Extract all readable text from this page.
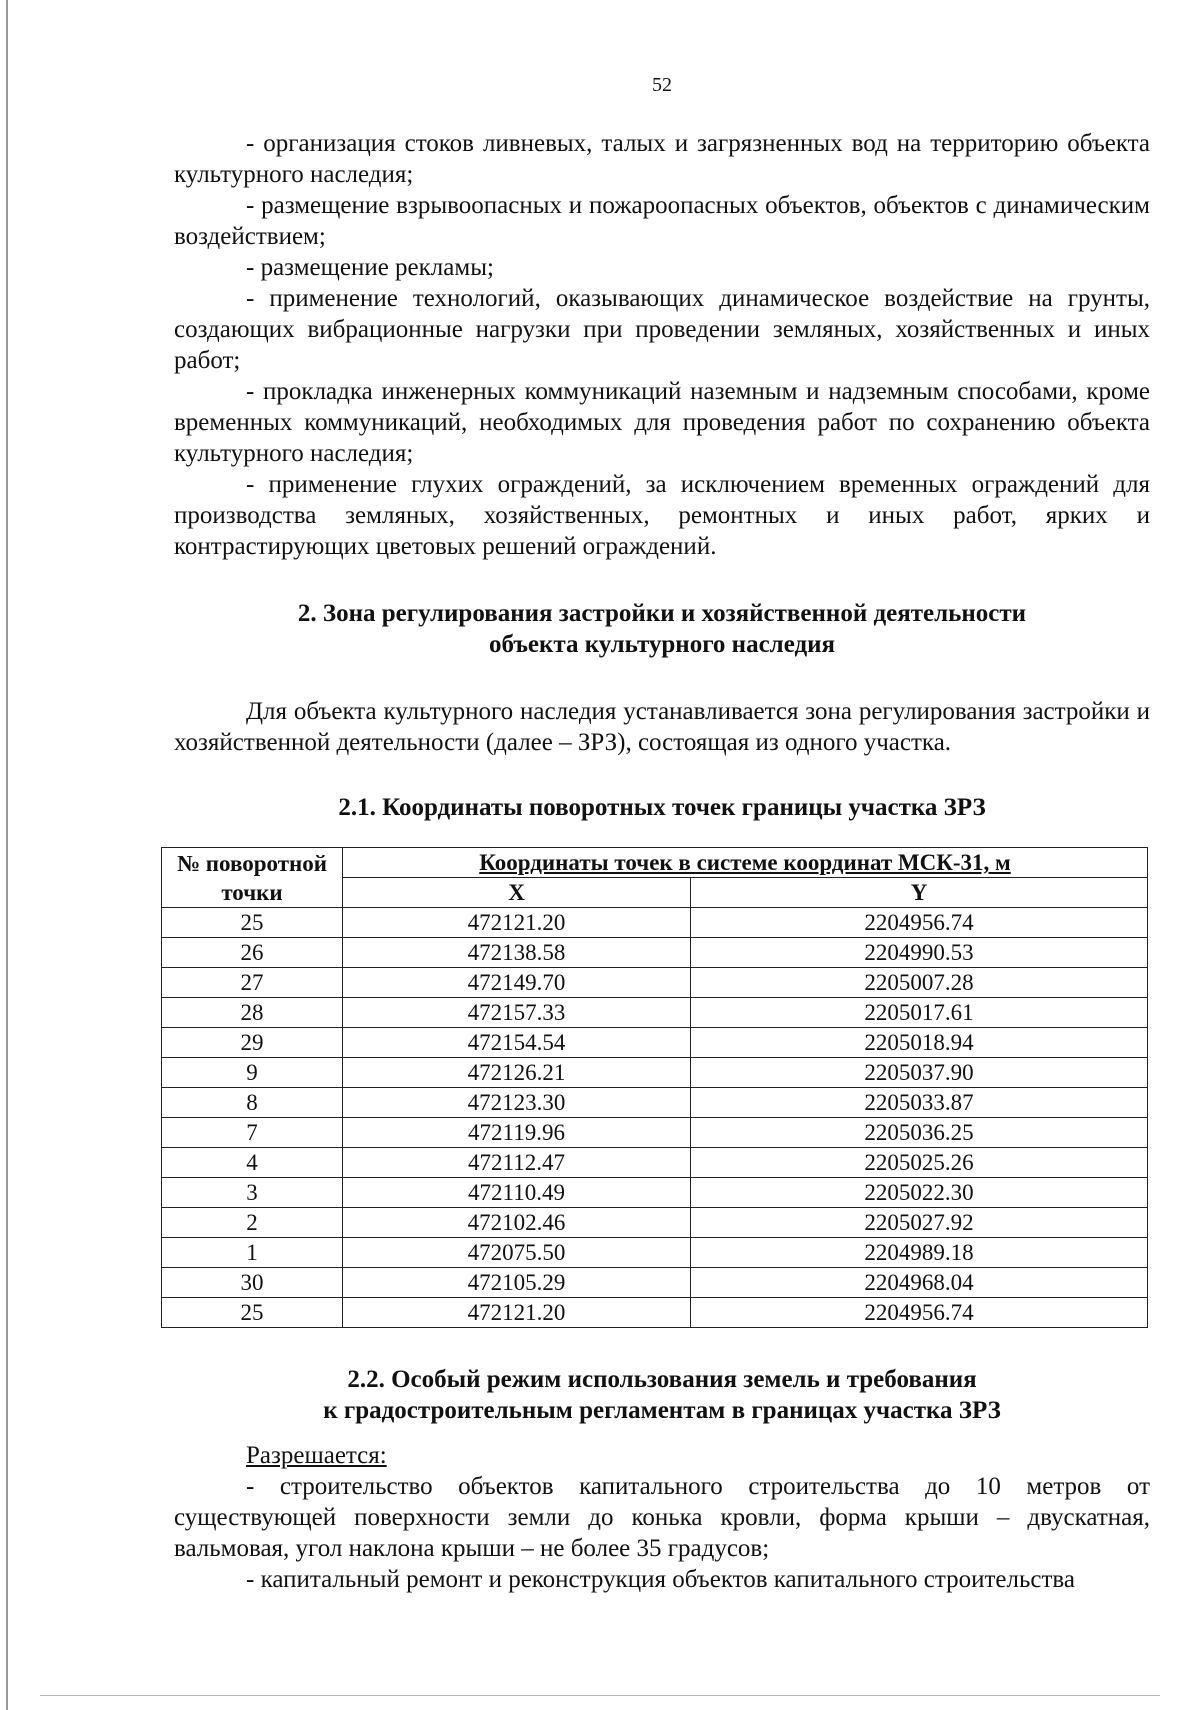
52

- организация стоков ливневых, талых и загрязненных вод на территорию объекта культурного наследия;

- размещение взрывоопасных и пожароопасных объектов, объектов с динамическим воздействием;

- размещение рекламы;

- применение технологий, оказывающих динамическое воздействие на грунты, создающих вибрационные нагрузки при проведении земляных, хозяйственных и иных работ;

- прокладка инженерных коммуникаций наземным и надземным способами, кроме временных коммуникаций, необходимых для проведения работ по сохранению объекта культурного наследия;

- применение глухих ограждений, за исключением временных ограждений для производства земляных, хозяйственных, ремонтных и иных работ, ярких и контрастирующих цветовых решений ограждений.

2. Зона регулирования застройки и хозяйственной деятельности
объекта культурного наследия

Для объекта культурного наследия устанавливается зона регулирования застройки и хозяйственной деятельности (далее – ЗРЗ), состоящая из одного участка.

2.1. Координаты поворотных точек границы участка ЗРЗ
№ поворотной точки	Координаты точек в системе координат МСК-31, м	
	X	Y
25	472121.20	2204956.74
26	472138.58	2204990.53
27	472149.70	2205007.28
28	472157.33	2205017.61
29	472154.54	2205018.94
9	472126.21	2205037.90
8	472123.30	2205033.87
7	472119.96	2205036.25
4	472112.47	2205025.26
3	472110.49	2205022.30
2	472102.46	2205027.92
1	472075.50	2204989.18
30	472105.29	2204968.04
25	472121.20	2204956.74
2.2. Особый режим использования земель и требования
к градостроительным регламентам в границах участка ЗРЗ

Разрешается:

- строительство объектов капитального строительства до 10 метров от существующей поверхности земли до конька кровли, форма крыши – двускатная, вальмовая, угол наклона крыши – не более 35 градусов;

- капитальный ремонт и реконструкция объектов капитального строительства
